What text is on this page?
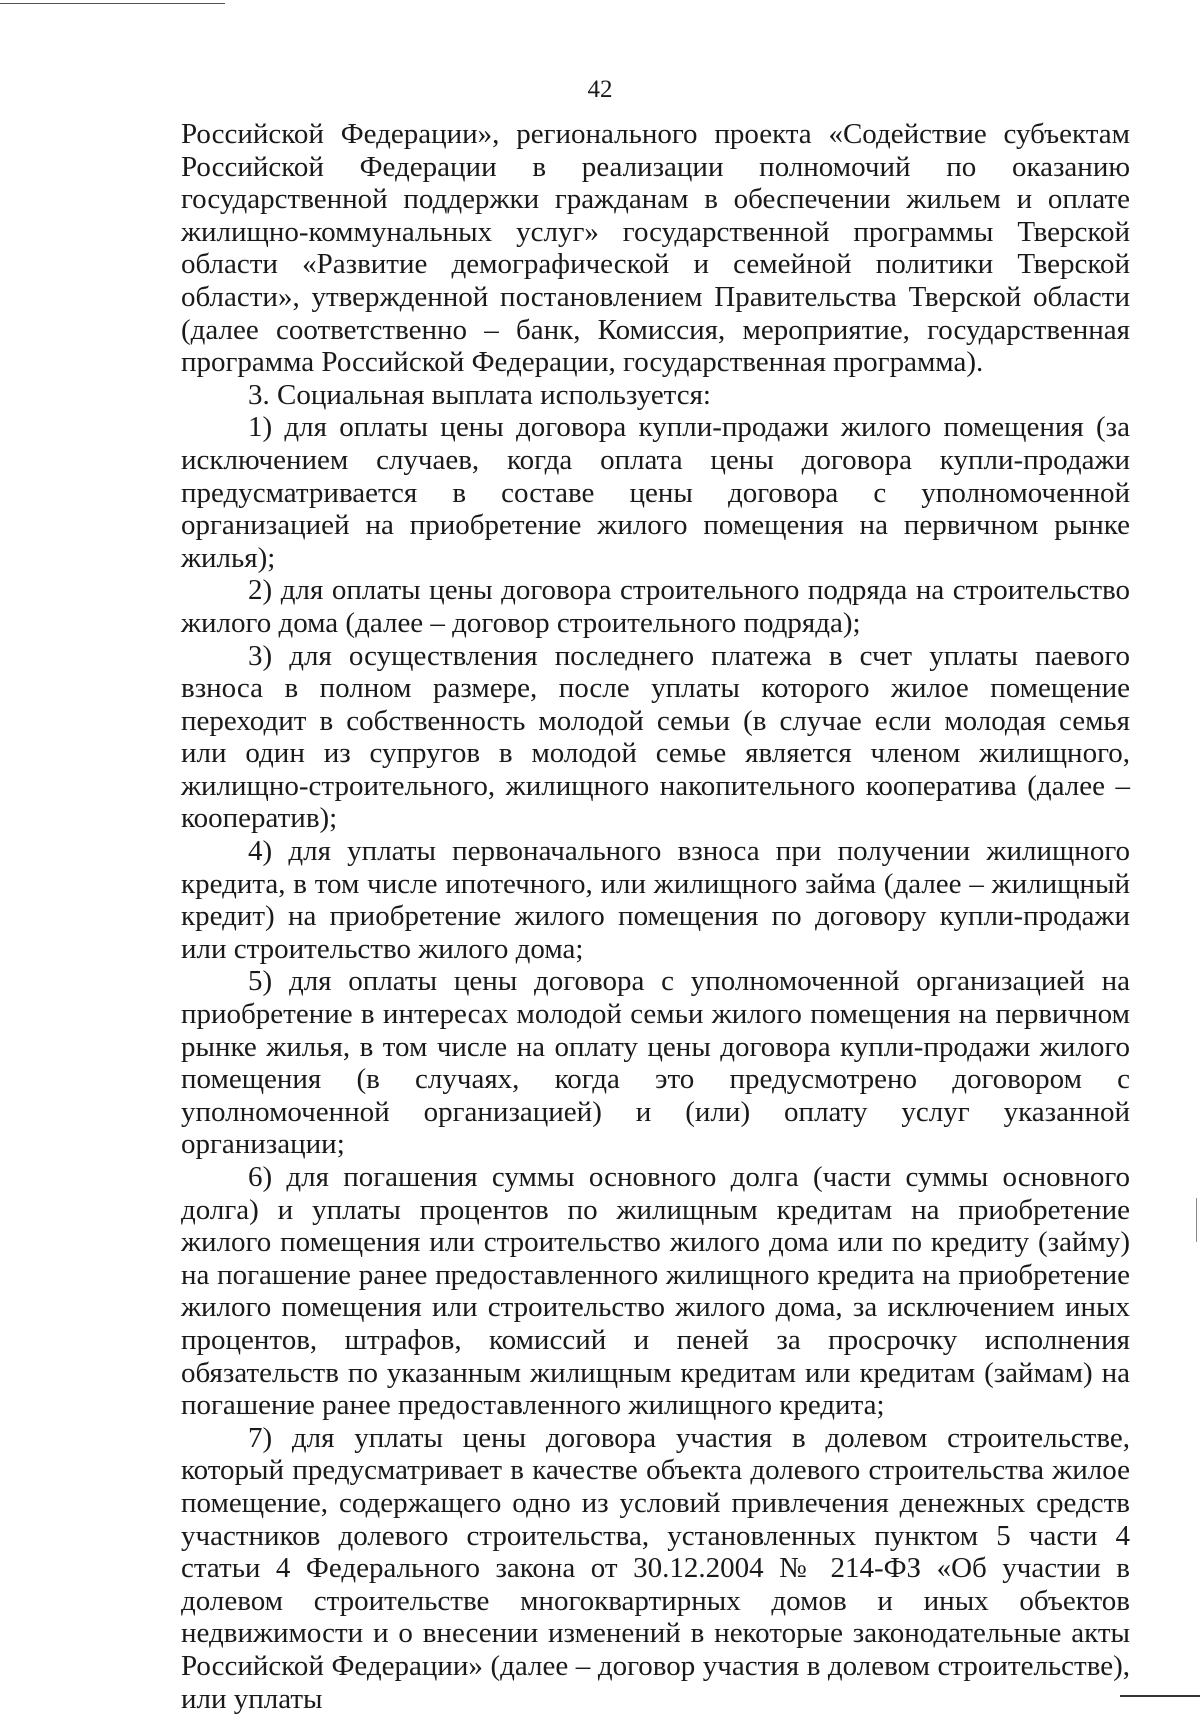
42

Российской Федерации», регионального проекта «Содействие субъектам Российской Федерации в реализации полномочий по оказанию государственной поддержки гражданам в обеспечении жильем и оплате жилищно-коммунальных услуг» государственной программы Тверской области «Развитие демографической и семейной политики Тверской области», утвержденной постановлением Правительства Тверской области (далее соответственно – банк, Комиссия, мероприятие, государственная программа Российской Федерации, государственная программа).

3. Социальная выплата используется:

1) для оплаты цены договора купли-продажи жилого помещения (за исключением случаев, когда оплата цены договора купли-продажи предусматривается в составе цены договора с уполномоченной организацией на приобретение жилого помещения на первичном рынке жилья);

2) для оплаты цены договора строительного подряда на строительство жилого дома (далее – договор строительного подряда);

3) для осуществления последнего платежа в счет уплаты паевого взноса в полном размере, после уплаты которого жилое помещение переходит в собственность молодой семьи (в случае если молодая семья или один из супругов в молодой семье является членом жилищного, жилищно-строительного, жилищного накопительного кооператива (далее – кооператив);

4) для уплаты первоначального взноса при получении жилищного кредита, в том числе ипотечного, или жилищного займа (далее – жилищный кредит) на приобретение жилого помещения по договору купли-продажи или строительство жилого дома;

5) для оплаты цены договора с уполномоченной организацией на приобретение в интересах молодой семьи жилого помещения на первичном рынке жилья, в том числе на оплату цены договора купли-продажи жилого помещения (в случаях, когда это предусмотрено договором с уполномоченной организацией) и (или) оплату услуг указанной организации;

6) для погашения суммы основного долга (части суммы основного долга) и уплаты процентов по жилищным кредитам на приобретение жилого помещения или строительство жилого дома или по кредиту (займу) на погашение ранее предоставленного жилищного кредита на приобретение жилого помещения или строительство жилого дома, за исключением иных процентов, штрафов, комиссий и пеней за просрочку исполнения обязательств по указанным жилищным кредитам или кредитам (займам) на погашение ранее предоставленного жилищного кредита;

7) для уплаты цены договора участия в долевом строительстве, который предусматривает в качестве объекта долевого строительства жилое помещение, содержащего одно из условий привлечения денежных средств участников долевого строительства, установленных пунктом 5 части 4 статьи 4 Федерального закона от 30.12.2004 № 214-ФЗ «Об участии в долевом строительстве многоквартирных домов и иных объектов недвижимости и о внесении изменений в некоторые законодательные акты Российской Федерации» (далее – договор участия в долевом строительстве), или уплаты
